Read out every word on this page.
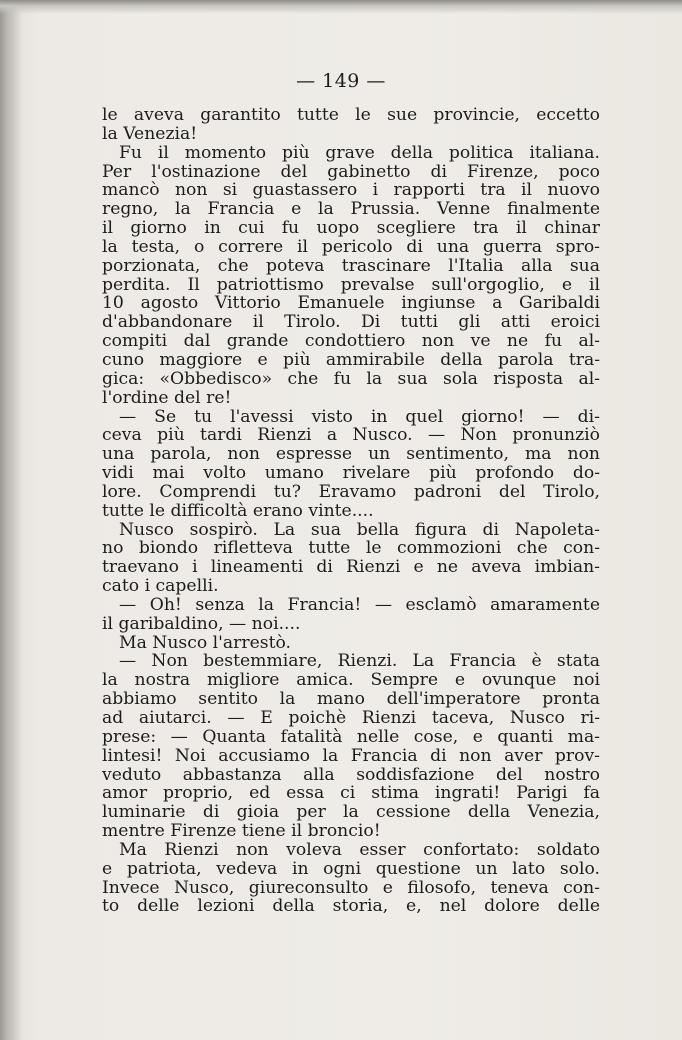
— 149 —
le aveva garantito tutte le sue provincie, eccetto
la Venezia!
Fu il momento più grave della politica italiana.
Per l'ostinazione del gabinetto di Firenze, poco
mancò non si guastassero i rapporti tra il nuovo
regno, la Francia e la Prussia. Venne finalmente
il giorno in cui fu uopo scegliere tra il chinar
la testa, o correre il pericolo di una guerra spro-
porzionata, che poteva trascinare l'Italia alla sua
perdita. Il patriottismo prevalse sull'orgoglio, e il
10 agosto Vittorio Emanuele ingiunse a Garibaldi
d'abbandonare il Tirolo. Di tutti gli atti eroici
compiti dal grande condottiero non ve ne fu al-
cuno maggiore e più ammirabile della parola tra-
gica: «Obbedisco» che fu la sua sola risposta al-
l'ordine del re!
— Se tu l'avessi visto in quel giorno! — di-
ceva più tardi Rienzi a Nusco. — Non pronunziò
una parola, non espresse un sentimento, ma non
vidi mai volto umano rivelare più profondo do-
lore. Comprendi tu? Eravamo padroni del Tirolo,
tutte le difficoltà erano vinte....
Nusco sospirò. La sua bella figura di Napoleta-
no biondo rifletteva tutte le commozioni che con-
traevano i lineamenti di Rienzi e ne aveva imbian-
cato i capelli.
— Oh! senza la Francia! — esclamò amaramente
il garibaldino, — noi....
Ma Nusco l'arrestò.
— Non bestemmiare, Rienzi. La Francia è stata
la nostra migliore amica. Sempre e ovunque noi
abbiamo sentito la mano dell'imperatore pronta
ad aiutarci. — E poichè Rienzi taceva, Nusco ri-
prese: — Quanta fatalità nelle cose, e quanti ma-
lintesi! Noi accusiamo la Francia di non aver prov-
veduto abbastanza alla soddisfazione del nostro
amor proprio, ed essa ci stima ingrati! Parigi fa
luminarie di gioia per la cessione della Venezia,
mentre Firenze tiene il broncio!
Ma Rienzi non voleva esser confortato: soldato
e patriota, vedeva in ogni questione un lato solo.
Invece Nusco, giureconsulto e filosofo, teneva con-
to delle lezioni della storia, e, nel dolore delle
